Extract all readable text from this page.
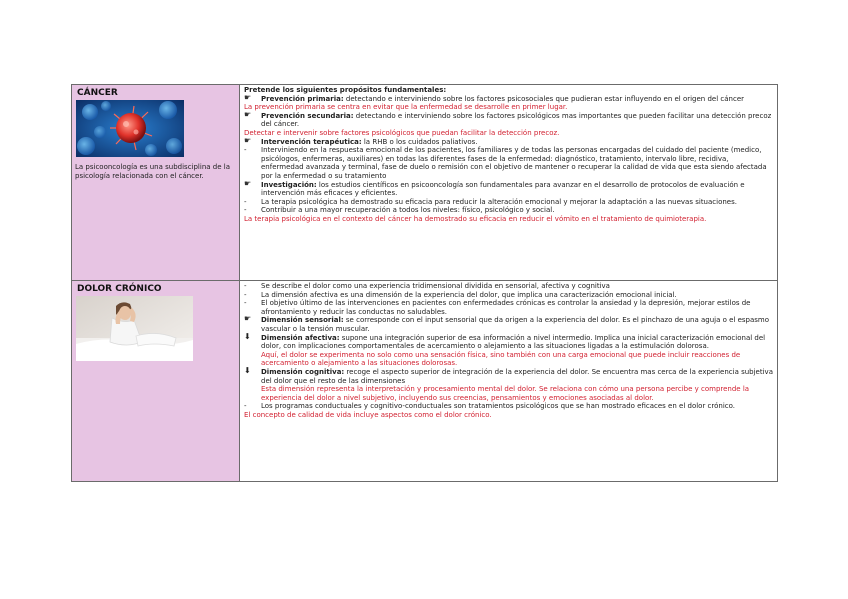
CÁNCER
La psicooncología es una subdisciplina de la psicología relacionada con el cáncer.
Pretende los siguientes propósitos fundamentales:
☛
Prevención primaria: detectando e interviniendo sobre los factores psicosociales que pudieran estar influyendo en el origen del cáncer
La prevención primaria se centra en evitar que la enfermedad se desarrolle en primer lugar.
☛
Prevención secundaria: detectando e interviniendo sobre los factores psicológicos mas importantes que pueden facilitar una detección precoz del cáncer.
Detectar e intervenir sobre factores psicológicos que puedan facilitar la detección precoz.
☛
Intervención terapéutica: la RHB o los cuidados paliativos.
-
Interviniendo en la respuesta emocional de los pacientes, los familiares y de todas las personas encargadas del cuidado del paciente (medico, psicólogos, enfermeras, auxiliares) en todas las diferentes fases de la enfermedad: diagnóstico, tratamiento, intervalo libre, recidiva, enfermedad avanzada y terminal, fase de duelo o remisión con el objetivo de mantener o recuperar la calidad de vida que esta siendo afectada por la enfermedad o su tratamiento
☛
Investigación: los estudios científicos en psicooncología son fundamentales para avanzar en el desarrollo de protocolos de evaluación e intervención más eficaces y eficientes.
-
La terapia psicológica ha demostrado su eficacia para reducir la alteración emocional y mejorar la adaptación a las nuevas situaciones.
-
Contribuir a una mayor recuperación a todos los niveles: físico, psicológico y social.
La terapia psicológica en el contexto del cáncer ha demostrado su eficacia en reducir el vómito en el tratamiento de quimioterapia.
DOLOR CRÓNICO
-	Se describe el dolor como una experiencia tridimensional dividida en sensorial, afectiva y cognitiva
-
La dimensión afectiva es una dimensión de la experiencia del dolor, que implica una caracterización emocional inicial.
-
El objetivo último de las intervenciones en pacientes con enfermedades crónicas es controlar la ansiedad y la depresión, mejorar estilos de afrontamiento y reducir las conductas no saludables.
☛
Dimensión sensorial: se corresponde con el input sensorial que da origen a la experiencia del dolor. Es el pinchazo de una aguja o el espasmo vascular o la tensión muscular.
⬇
Dimensión afectiva: supone una integración superior de esa información a nivel intermedio. Implica una inicial caracterización emocional del dolor, con implicaciones comportamentales de acercamiento o alejamiento a las situaciones ligadas a la estimulación dolorosa.
Aquí, el dolor se experimenta no solo como una sensación física, sino también con una carga emocional que puede incluir reacciones de acercamiento o alejamiento a las situaciones dolorosas.
⬇
Dimensión cognitiva: recoge el aspecto superior de integración de la experiencia del dolor. Se encuentra mas cerca de la experiencia subjetiva del dolor que el resto de las dimensiones
Esta dimensión representa la interpretación y procesamiento mental del dolor. Se relaciona con cómo una persona percibe y comprende la experiencia del dolor a nivel subjetivo, incluyendo sus creencias, pensamientos y emociones asociadas al dolor.
-
Los programas conductuales y cognitivo-conductuales son tratamientos psicológicos que se han mostrado eficaces en el dolor crónico.
El concepto de calidad de vida incluye aspectos como el dolor crónico.
